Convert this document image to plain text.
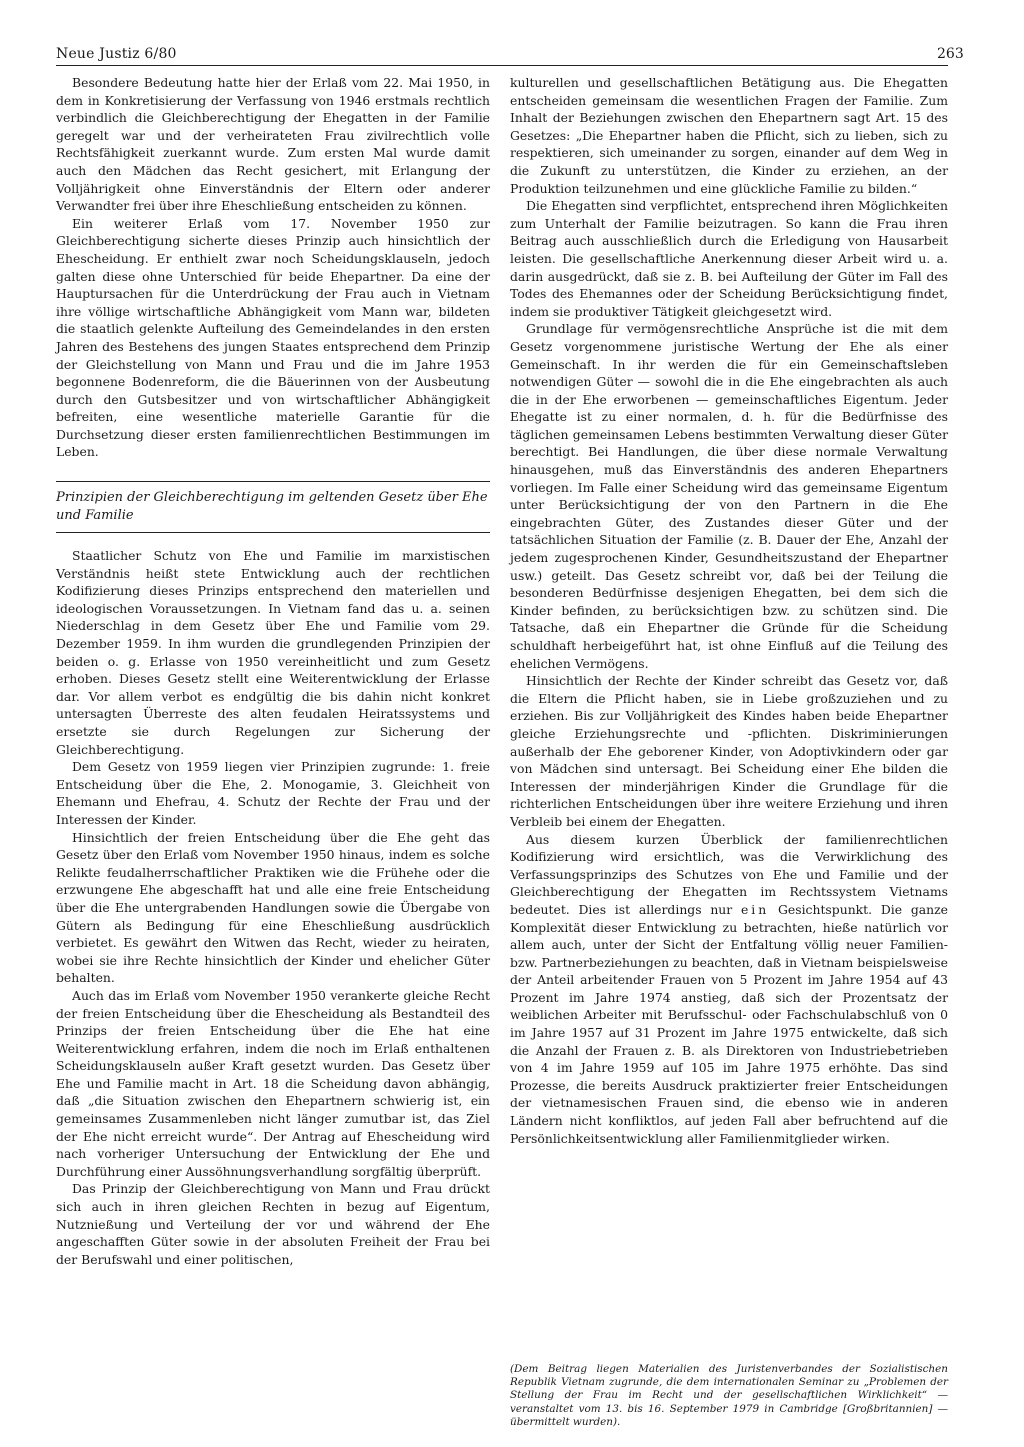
Neue Justiz 6/80	263

Besondere Bedeutung hatte hier der Erlaß vom 22. Mai 1950, in dem in Konkretisierung der Verfassung von 1946 erstmals rechtlich verbindlich die Gleichberechtigung der Ehegatten in der Familie geregelt war und der verheirateten Frau zivilrechtlich volle Rechtsfähigkeit zuerkannt wurde. Zum ersten Mal wurde damit auch den Mädchen das Recht gesichert, mit Erlangung der Volljährigkeit ohne Einverständnis der Eltern oder anderer Verwandter frei über ihre Eheschließung entscheiden zu können.

Ein weiterer Erlaß vom 17. November 1950 zur Gleichberechtigung sicherte dieses Prinzip auch hinsichtlich der Ehescheidung. Er enthielt zwar noch Scheidungsklauseln, jedoch galten diese ohne Unterschied für beide Ehepartner. Da eine der Hauptursachen für die Unterdrückung der Frau auch in Vietnam ihre völlige wirtschaftliche Abhängigkeit vom Mann war, bildeten die staatlich gelenkte Aufteilung des Gemeindelandes in den ersten Jahren des Bestehens des jungen Staates entsprechend dem Prinzip der Gleichstellung von Mann und Frau und die im Jahre 1953 begonnene Bodenreform, die die Bäuerinnen von der Ausbeutung durch den Gutsbesitzer und von wirtschaftlicher Abhängigkeit befreiten, eine wesentliche materielle Garantie für die Durchsetzung dieser ersten familienrechtlichen Bestimmungen im Leben.

Prinzipien der Gleichberechtigung im geltenden Gesetz über Ehe und Familie

Staatlicher Schutz von Ehe und Familie im marxistischen Verständnis heißt stete Entwicklung auch der rechtlichen Kodifizierung dieses Prinzips entsprechend den materiellen und ideologischen Voraussetzungen. In Vietnam fand das u. a. seinen Niederschlag in dem Gesetz über Ehe und Familie vom 29. Dezember 1959. In ihm wurden die grundlegenden Prinzipien der beiden o. g. Erlasse von 1950 vereinheitlicht und zum Gesetz erhoben. Dieses Gesetz stellt eine Weiterentwicklung der Erlasse dar. Vor allem verbot es endgültig die bis dahin nicht konkret untersagten Überreste des alten feudalen Heiratssystems und ersetzte sie durch Regelungen zur Sicherung der Gleichberechtigung.

Dem Gesetz von 1959 liegen vier Prinzipien zugrunde: 1. freie Entscheidung über die Ehe, 2. Monogamie, 3. Gleichheit von Ehemann und Ehefrau, 4. Schutz der Rechte der Frau und der Interessen der Kinder.

Hinsichtlich der freien Entscheidung über die Ehe geht das Gesetz über den Erlaß vom November 1950 hinaus, indem es solche Relikte feudalherrschaftlicher Praktiken wie die Frühehe oder die erzwungene Ehe abgeschafft hat und alle eine freie Entscheidung über die Ehe untergrabenden Handlungen sowie die Übergabe von Gütern als Bedingung für eine Eheschließung ausdrücklich verbietet. Es gewährt den Witwen das Recht, wieder zu heiraten, wobei sie ihre Rechte hinsichtlich der Kinder und ehelicher Güter behalten.

Auch das im Erlaß vom November 1950 verankerte gleiche Recht der freien Entscheidung über die Ehescheidung als Bestandteil des Prinzips der freien Entscheidung über die Ehe hat eine Weiterentwicklung erfahren, indem die noch im Erlaß enthaltenen Scheidungsklauseln außer Kraft gesetzt wurden. Das Gesetz über Ehe und Familie macht in Art. 18 die Scheidung davon abhängig, daß „die Situation zwischen den Ehepartnern schwierig ist, ein gemeinsames Zusammenleben nicht länger zumutbar ist, das Ziel der Ehe nicht erreicht wurde“. Der Antrag auf Ehescheidung wird nach vorheriger Untersuchung der Entwicklung der Ehe und Durchführung einer Aussöhnungsverhandlung sorgfältig überprüft.

Das Prinzip der Gleichberechtigung von Mann und Frau drückt sich auch in ihren gleichen Rechten in bezug auf Eigentum, Nutznießung und Verteilung der vor und während der Ehe angeschafften Güter sowie in der absoluten Freiheit der Frau bei der Berufswahl und einer politischen,

kulturellen und gesellschaftlichen Betätigung aus. Die Ehegatten entscheiden gemeinsam die wesentlichen Fragen der Familie. Zum Inhalt der Beziehungen zwischen den Ehepartnern sagt Art. 15 des Gesetzes: „Die Ehepartner haben die Pflicht, sich zu lieben, sich zu respektieren, sich umeinander zu sorgen, einander auf dem Weg in die Zukunft zu unterstützen, die Kinder zu erziehen, an der Produktion teilzunehmen und eine glückliche Familie zu bilden.“

Die Ehegatten sind verpflichtet, entsprechend ihren Möglichkeiten zum Unterhalt der Familie beizutragen. So kann die Frau ihren Beitrag auch ausschließlich durch die Erledigung von Hausarbeit leisten. Die gesellschaftliche Anerkennung dieser Arbeit wird u. a. darin ausgedrückt, daß sie z. B. bei Aufteilung der Güter im Fall des Todes des Ehemannes oder der Scheidung Berücksichtigung findet, indem sie produktiver Tätigkeit gleichgesetzt wird.

Grundlage für vermögensrechtliche Ansprüche ist die mit dem Gesetz vorgenommene juristische Wertung der Ehe als einer Gemeinschaft. In ihr werden die für ein Gemeinschaftsleben notwendigen Güter — sowohl die in die Ehe eingebrachten als auch die in der Ehe erworbenen — gemeinschaftliches Eigentum. Jeder Ehegatte ist zu einer normalen, d. h. für die Bedürfnisse des täglichen gemeinsamen Lebens bestimmten Verwaltung dieser Güter berechtigt. Bei Handlungen, die über diese normale Verwaltung hinausgehen, muß das Einverständnis des anderen Ehepartners vorliegen. Im Falle einer Scheidung wird das gemeinsame Eigentum unter Berücksichtigung der von den Partnern in die Ehe eingebrachten Güter, des Zustandes dieser Güter und der tatsächlichen Situation der Familie (z. B. Dauer der Ehe, Anzahl der jedem zugesprochenen Kinder, Gesundheitszustand der Ehepartner usw.) geteilt. Das Gesetz schreibt vor, daß bei der Teilung die besonderen Bedürfnisse desjenigen Ehegatten, bei dem sich die Kinder befinden, zu berücksichtigen bzw. zu schützen sind. Die Tatsache, daß ein Ehepartner die Gründe für die Scheidung schuldhaft herbeigeführt hat, ist ohne Einfluß auf die Teilung des ehelichen Vermögens.

Hinsichtlich der Rechte der Kinder schreibt das Gesetz vor, daß die Eltern die Pflicht haben, sie in Liebe großzuziehen und zu erziehen. Bis zur Volljährigkeit des Kindes haben beide Ehepartner gleiche Erziehungsrechte und -pflichten. Diskriminierungen außerhalb der Ehe geborener Kinder, von Adoptivkindern oder gar von Mädchen sind untersagt. Bei Scheidung einer Ehe bilden die Interessen der minderjährigen Kinder die Grundlage für die richterlichen Entscheidungen über ihre weitere Erziehung und ihren Verbleib bei einem der Ehegatten.

Aus diesem kurzen Überblick der familienrechtlichen Kodifizierung wird ersichtlich, was die Verwirklichung des Verfassungsprinzips des Schutzes von Ehe und Familie und der Gleichberechtigung der Ehegatten im Rechtssystem Vietnams bedeutet. Dies ist allerdings nur ein Gesichtspunkt. Die ganze Komplexität dieser Entwicklung zu betrachten, hieße natürlich vor allem auch, unter der Sicht der Entfaltung völlig neuer Familien- bzw. Partnerbeziehungen zu beachten, daß in Vietnam beispielsweise der Anteil arbeitender Frauen von 5 Prozent im Jahre 1954 auf 43 Prozent im Jahre 1974 anstieg, daß sich der Prozentsatz der weiblichen Arbeiter mit Berufsschul- oder Fachschulabschluß von 0 im Jahre 1957 auf 31 Prozent im Jahre 1975 entwickelte, daß sich die Anzahl der Frauen z. B. als Direktoren von Industriebetrieben von 4 im Jahre 1959 auf 105 im Jahre 1975 erhöhte. Das sind Prozesse, die bereits Ausdruck praktizierter freier Entscheidungen der vietnamesischen Frauen sind, die ebenso wie in anderen Ländern nicht konfliktlos, auf jeden Fall aber befruchtend auf die Persönlichkeitsentwicklung aller Familienmitglieder wirken.

(Dem Beitrag liegen Materialien des Juristenverbandes der Sozialistischen Republik Vietnam zugrunde, die dem internationalen Seminar zu „Problemen der Stellung der Frau im Recht und der gesellschaftlichen Wirklichkeit“ — veranstaltet vom 13. bis 16. September 1979 in Cambridge [Großbritannien] — übermittelt wurden).
